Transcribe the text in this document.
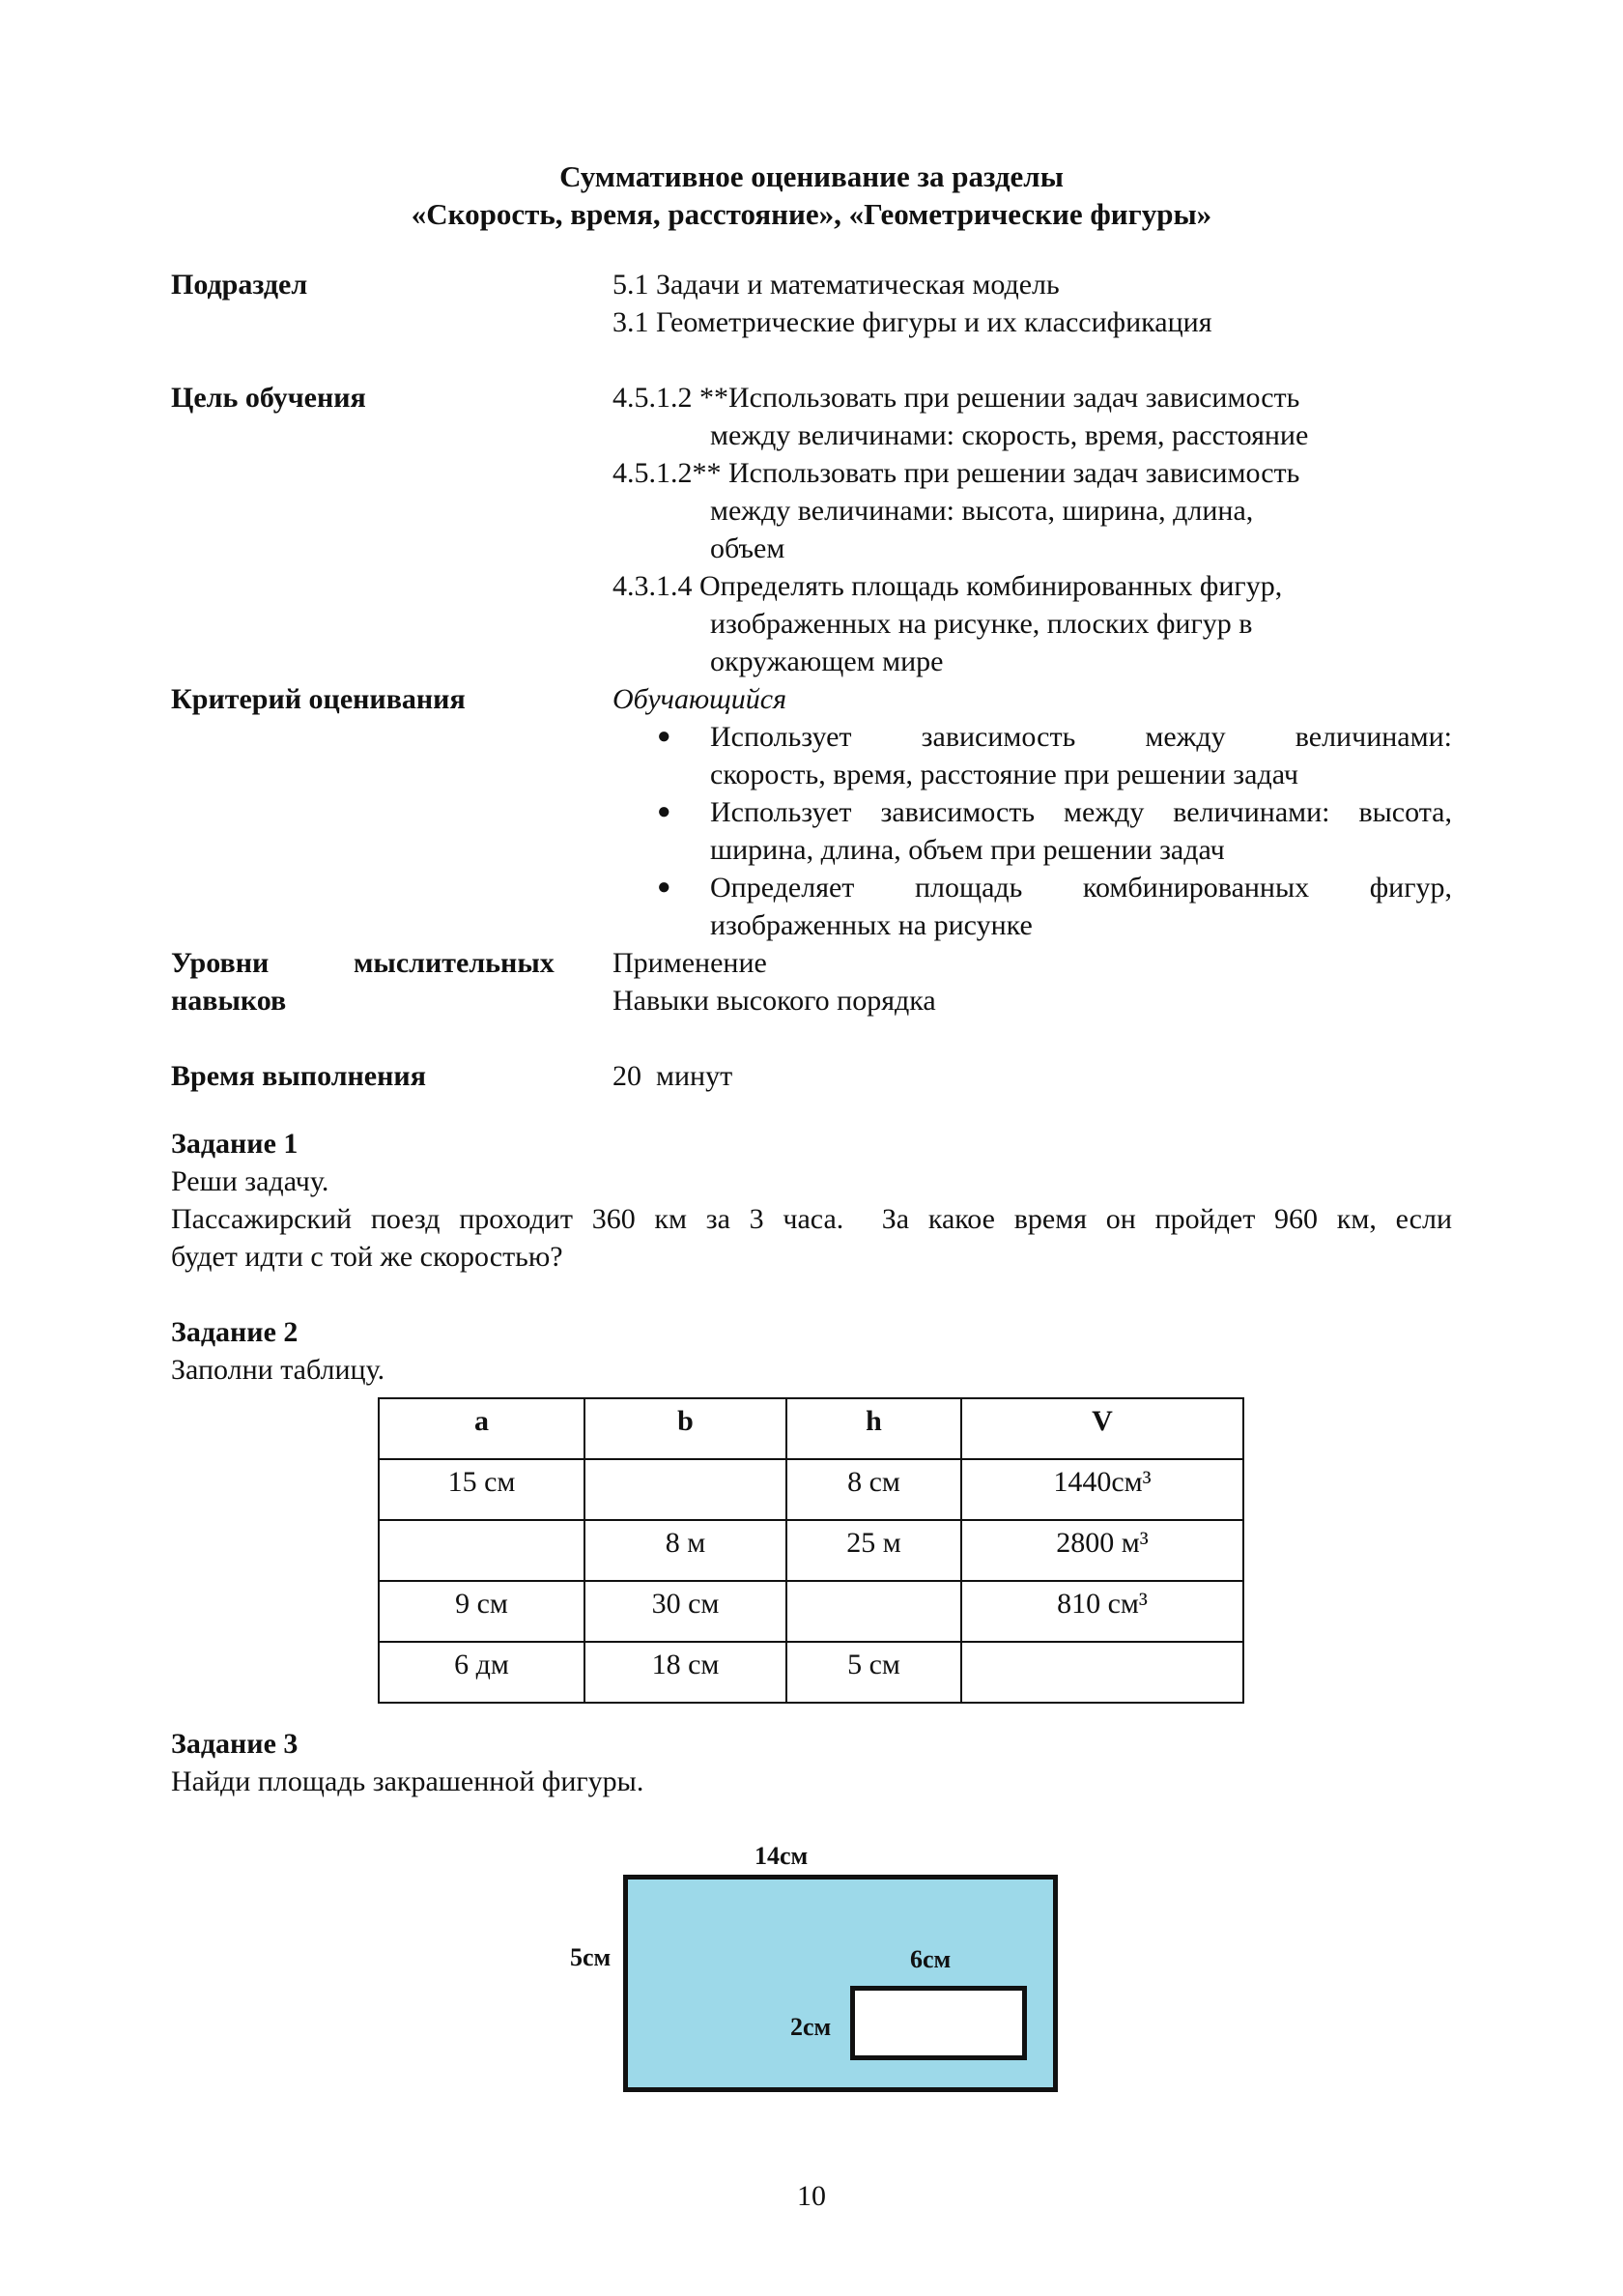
Суммативное оценивание за разделы
«Скорость, время, расстояние», «Геометрические фигуры»
Подраздел	5.1 Задачи и математическая модель
3.1 Геометрические фигуры и их классификация
Цель обучения	4.5.1.2 **Использовать при решении задач зависимость
между величинами: скорость, время, расстояние
4.5.1.2** Использовать при решении задач зависимость
между величинами: высота, ширина, длина,
объем
4.3.1.4 Определять площадь комбинированных фигур,
изображенных на рисунке, плоских фигур в
окружающем мире
Критерий оценивания	Обучающийся
● Использует зависимость между величинами:
скорость, время, расстояние при решении задач
● Использует зависимость между величинами: высота,
ширина, длина, объем при решении задач
● Определяет площадь комбинированных фигур,
изображенных на рисунке
Уровни	мыслительных
навыков
Применение
Навыки высокого порядка
Время выполнения	20  минут
Задание 1
Реши задачу.
Пассажирский поезд проходит 360 км за 3 часа.  За какое время он пройдет 960 км, если
будет идти с той же скоростью?
Задание 2
Заполни таблицу.
a	b	h	V
15 см		8 см	1440см³
	8 м	25 м	2800 м³
9 см	30 см		810 см³
6 дм	18 см	5 см	
Задание 3
Найди площадь закрашенной фигуры.
14см
5см	6см
2см
10
